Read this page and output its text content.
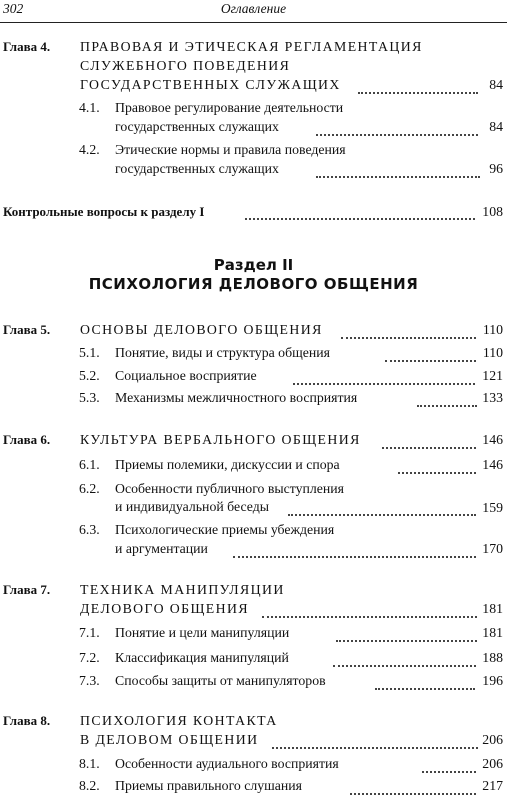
302	Оглавление
Глава 4. ПРАВОВАЯ И ЭТИЧЕСКАЯ РЕГЛАМЕНТАЦИЯ
СЛУЖЕБНОГО ПОВЕДЕНИЯ
ГОСУДАРСТВЕННЫХ СЛУЖАЩИХ	84
4.1. Правовое регулирование деятельности
государственных служащих	84
4.2. Этические нормы и правила поведения
государственных служащих	96
Контрольные вопросы к разделу I	108
Раздел II
ПСИХОЛОГИЯ ДЕЛОВОГО ОБЩЕНИЯ
Глава 5. ОСНОВЫ ДЕЛОВОГО ОБЩЕНИЯ	110
5.1. Понятие, виды и структура общения	110
5.2. Социальное восприятие	121
5.3. Механизмы межличностного восприятия	133
Глава 6. КУЛЬТУРА ВЕРБАЛЬНОГО ОБЩЕНИЯ	146
6.1. Приемы полемики, дискуссии и спора	146
6.2. Особенности публичного выступления
и индивидуальной беседы	159
6.3. Психологические приемы убеждения
и аргументации	170
Глава 7. ТЕХНИКА МАНИПУЛЯЦИИ
ДЕЛОВОГО ОБЩЕНИЯ	181
7.1. Понятие и цели манипуляции	181
7.2. Классификация манипуляций	188
7.3. Способы защиты от манипуляторов	196
Глава 8. ПСИХОЛОГИЯ КОНТАКТА
В ДЕЛОВОМ ОБЩЕНИИ	206
8.1. Особенности аудиального восприятия	206
8.2. Приемы правильного слушания	217
